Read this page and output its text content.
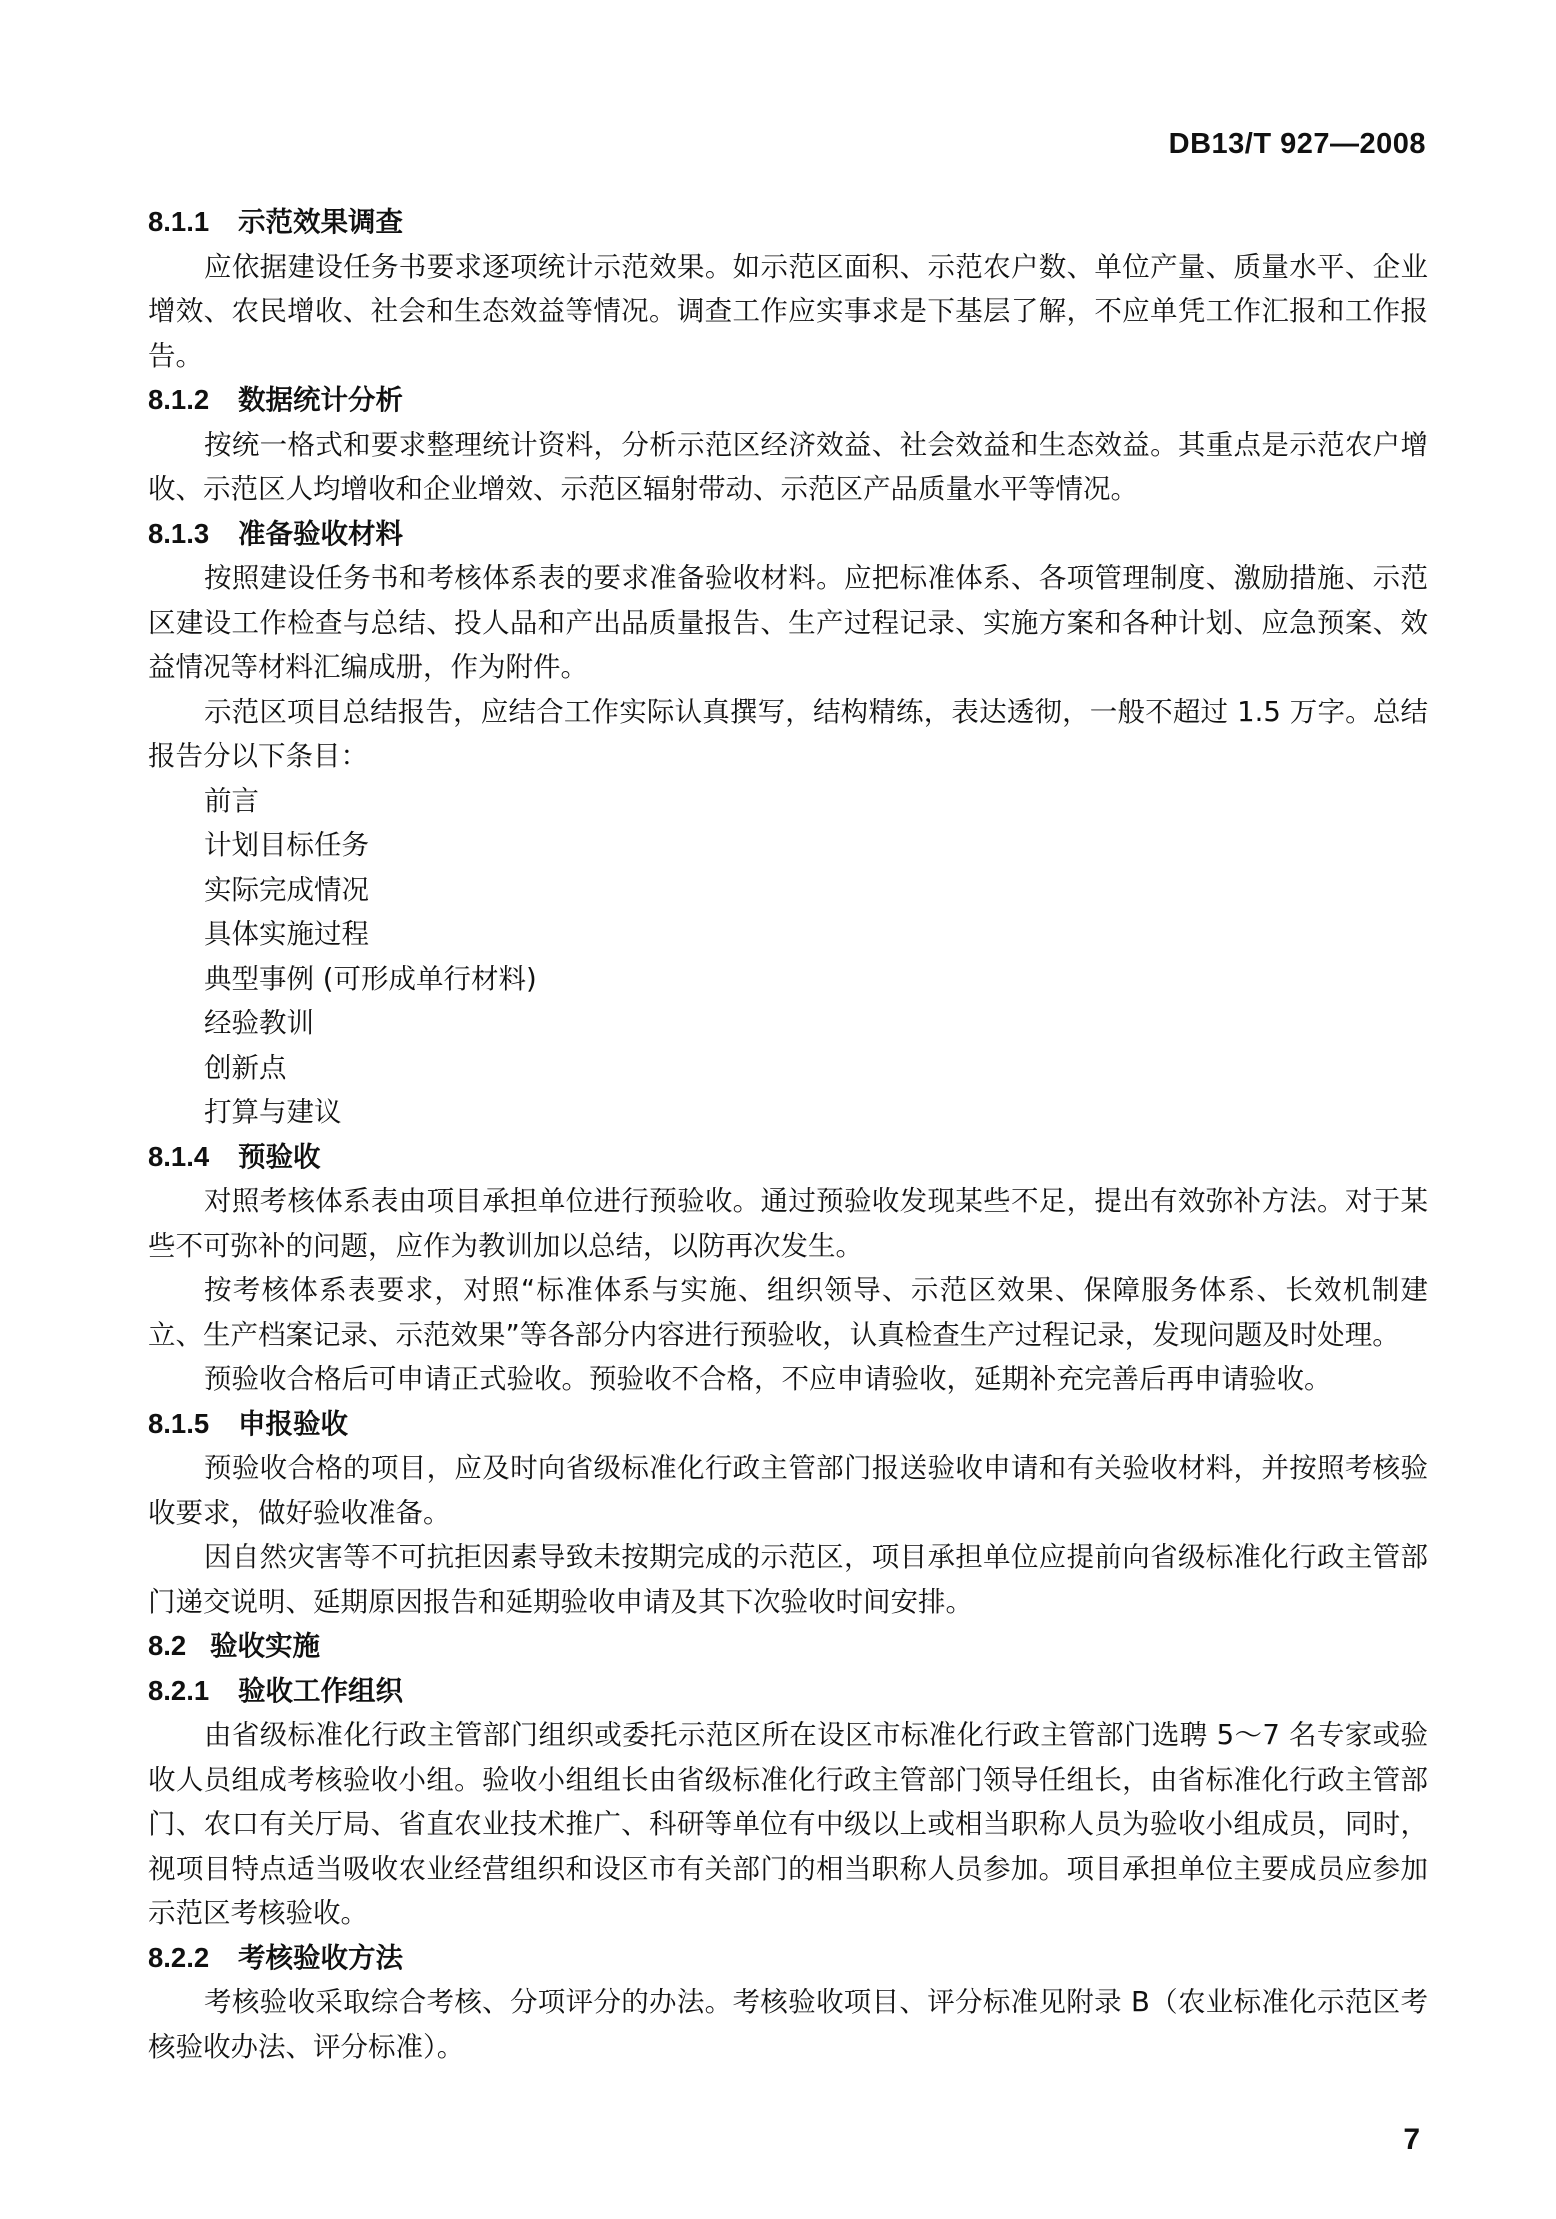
DB13/T 927—2008

8.1.1 示范效果调查

应依据建设任务书要求逐项统计示范效果。如示范区面积、示范农户数、单位产量、质量水平、企业增效、农民增收、社会和生态效益等情况。调查工作应实事求是下基层了解，不应单凭工作汇报和工作报告。

8.1.2 数据统计分析

按统一格式和要求整理统计资料，分析示范区经济效益、社会效益和生态效益。其重点是示范农户增收、示范区人均增收和企业增效、示范区辐射带动、示范区产品质量水平等情况。

8.1.3 准备验收材料

按照建设任务书和考核体系表的要求准备验收材料。应把标准体系、各项管理制度、激励措施、示范区建设工作检查与总结、投人品和产出品质量报告、生产过程记录、实施方案和各种计划、应急预案、效益情况等材料汇编成册，作为附件。

示范区项目总结报告，应结合工作实际认真撰写，结构精练，表达透彻，一般不超过 1.5 万字。总结报告分以下条目：

前言
计划目标任务
实际完成情况
具体实施过程
典型事例 (可形成单行材料)
经验教训
创新点
打算与建议

8.1.4 预验收

对照考核体系表由项目承担单位进行预验收。通过预验收发现某些不足，提出有效弥补方法。对于某些不可弥补的问题，应作为教训加以总结，以防再次发生。

按考核体系表要求，对照“标准体系与实施、组织领导、示范区效果、保障服务体系、长效机制建立、生产档案记录、示范效果”等各部分内容进行预验收，认真检查生产过程记录，发现问题及时处理。

预验收合格后可申请正式验收。预验收不合格，不应申请验收，延期补充完善后再申请验收。

8.1.5 申报验收

预验收合格的项目，应及时向省级标准化行政主管部门报送验收申请和有关验收材料，并按照考核验收要求，做好验收准备。

因自然灾害等不可抗拒因素导致未按期完成的示范区，项目承担单位应提前向省级标准化行政主管部门递交说明、延期原因报告和延期验收申请及其下次验收时间安排。

8.2 验收实施

8.2.1 验收工作组织

由省级标准化行政主管部门组织或委托示范区所在设区市标准化行政主管部门选聘 5～7 名专家或验收人员组成考核验收小组。验收小组组长由省级标准化行政主管部门领导任组长，由省标准化行政主管部门、农口有关厅局、省直农业技术推广、科研等单位有中级以上或相当职称人员为验收小组成员，同时，视项目特点适当吸收农业经营组织和设区市有关部门的相当职称人员参加。项目承担单位主要成员应参加示范区考核验收。

8.2.2 考核验收方法

考核验收采取综合考核、分项评分的办法。考核验收项目、评分标准见附录 B（农业标准化示范区考核验收办法、评分标准）。

7
